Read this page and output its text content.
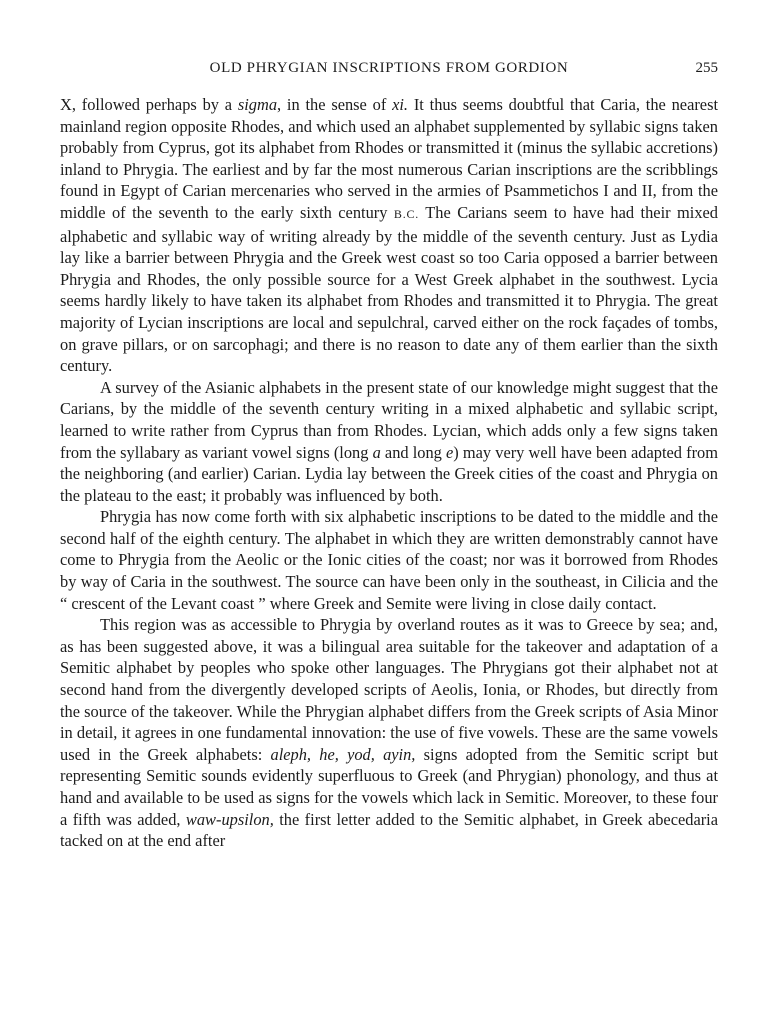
OLD PHRYGIAN INSCRIPTIONS FROM GORDION	255

X, followed perhaps by a sigma, in the sense of xi. It thus seems doubtful that Caria, the nearest mainland region opposite Rhodes, and which used an alphabet supplemented by syllabic signs taken probably from Cyprus, got its alphabet from Rhodes or transmitted it (minus the syllabic accretions) inland to Phrygia. The earliest and by far the most numerous Carian inscriptions are the scribblings found in Egypt of Carian mercenaries who served in the armies of Psammetichos I and II, from the middle of the seventh to the early sixth century B.C. The Carians seem to have had their mixed alphabetic and syllabic way of writing already by the middle of the seventh century. Just as Lydia lay like a barrier between Phrygia and the Greek west coast so too Caria opposed a barrier between Phrygia and Rhodes, the only possible source for a West Greek alphabet in the southwest. Lycia seems hardly likely to have taken its alphabet from Rhodes and transmitted it to Phrygia. The great majority of Lycian inscriptions are local and sepulchral, carved either on the rock façades of tombs, on grave pillars, or on sarcophagi; and there is no reason to date any of them earlier than the sixth century.

A survey of the Asianic alphabets in the present state of our knowledge might suggest that the Carians, by the middle of the seventh century writing in a mixed alphabetic and syllabic script, learned to write rather from Cyprus than from Rhodes. Lycian, which adds only a few signs taken from the syllabary as variant vowel signs (long a and long e) may very well have been adapted from the neighboring (and earlier) Carian. Lydia lay between the Greek cities of the coast and Phrygia on the plateau to the east; it probably was influenced by both.

Phrygia has now come forth with six alphabetic inscriptions to be dated to the middle and the second half of the eighth century. The alphabet in which they are written demonstrably cannot have come to Phrygia from the Aeolic or the Ionic cities of the coast; nor was it borrowed from Rhodes by way of Caria in the southwest. The source can have been only in the southeast, in Cilicia and the “ crescent of the Levant coast ” where Greek and Semite were living in close daily contact.

This region was as accessible to Phrygia by overland routes as it was to Greece by sea; and, as has been suggested above, it was a bilingual area suitable for the takeover and adaptation of a Semitic alphabet by peoples who spoke other languages. The Phrygians got their alphabet not at second hand from the divergently developed scripts of Aeolis, Ionia, or Rhodes, but directly from the source of the takeover. While the Phrygian alphabet differs from the Greek scripts of Asia Minor in detail, it agrees in one fundamental innovation: the use of five vowels. These are the same vowels used in the Greek alphabets: aleph, he, yod, ayin, signs adopted from the Semitic script but representing Semitic sounds evidently superfluous to Greek (and Phrygian) phonology, and thus at hand and available to be used as signs for the vowels which lack in Semitic. Moreover, to these four a fifth was added, waw-upsilon, the first letter added to the Semitic alphabet, in Greek abecedaria tacked on at the end after
